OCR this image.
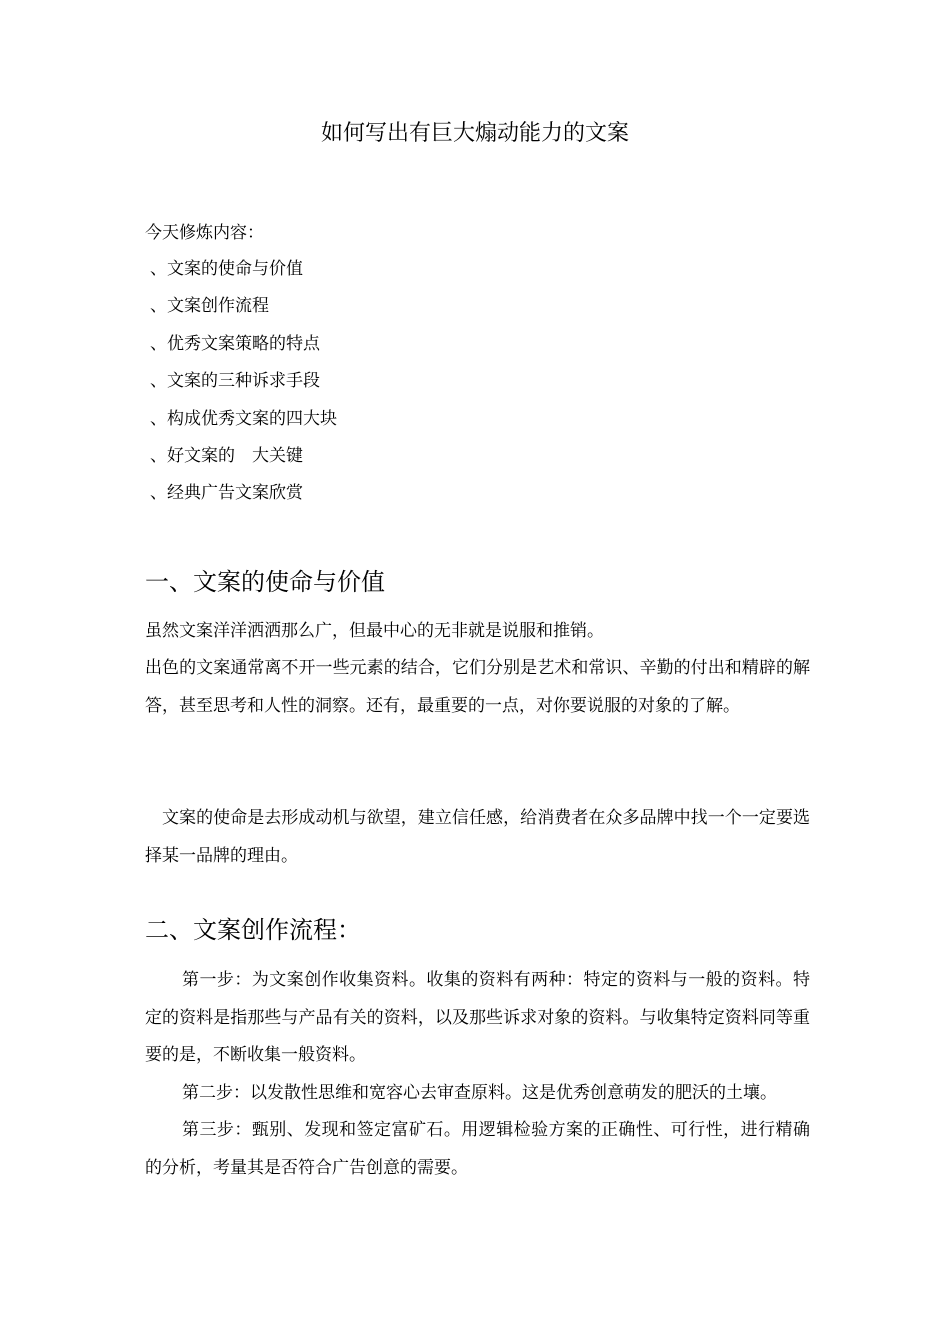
如何写出有巨大煽动能力的文案
今天修炼内容：
、文案的使命与价值
、文案创作流程
、优秀文案策略的特点
、文案的三种诉求手段
、构成优秀文案的四大块
、好文案的　大关键
、经典广告文案欣赏
一、文案的使命与价值

虽然文案洋洋洒洒那么广，但最中心的无非就是说服和推销。

出色的文案通常离不开一些元素的结合，它们分别是艺术和常识、辛勤的付出和精辟的解答，甚至思考和人性的洞察。还有，最重要的一点，对你要说服的对象的了解。

文案的使命是去形成动机与欲望，建立信任感，给消费者在众多品牌中找一个一定要选择某一品牌的理由。

二、文案创作流程：

第一步：为文案创作收集资料。收集的资料有两种：特定的资料与一般的资料。特定的资料是指那些与产品有关的资料，以及那些诉求对象的资料。与收集特定资料同等重要的是，不断收集一般资料。

第二步：以发散性思维和宽容心去审查原料。这是优秀创意萌发的肥沃的土壤。

第三步：甄别、发现和签定富矿石。用逻辑检验方案的正确性、可行性，进行精确的分析，考量其是否符合广告创意的需要。
